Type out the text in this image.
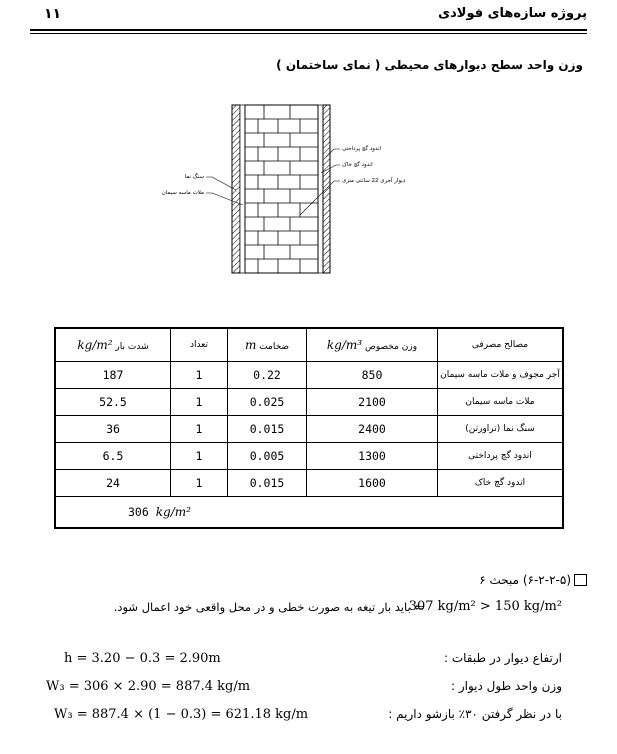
پروژه سازه‌های فولادی
۱۱
وزن واحد سطح دیوارهای محیطی ( نمای ساختمان )
اندود گچ پرداختی
اندود گچ خاک
دیوار آجری 22 سانتی متری
سنگ نما
ملات ماسه سیمان
kg/m² شدت بار	تعداد	m ضخامت	kg/m³ وزن مخصوص	مصالح مصرفی
187	1	0.22	850	آجر مجوف و ملات ماسه سیمان
52.5	1	0.025	2100	ملات ماسه سیمان
36	1	0.015	2400	سنگ نما (تراورتن)
6.5	1	0.005	1300	اندود گچ پرداختی
24	1	0.015	1600	اندود گچ خاک
306 kg/m²				
(۶-۲-۲-۵) مبحث ۶
307 kg/m² > 150 kg/m²
⇐ باید بار تیغه به صورت خطی و در محل واقعی خود اعمال شود.
ارتفاع دیوار در طبقات :
h = 3.20 − 0.3 = 2.90m
وزن واحد طول دیوار :
W₃ = 306 × 2.90 = 887.4 kg/m
با در نظر گرفتن ۳۰٪ بازشو داریم :
W₃ = 887.4 × (1 − 0.3) = 621.18 kg/m
